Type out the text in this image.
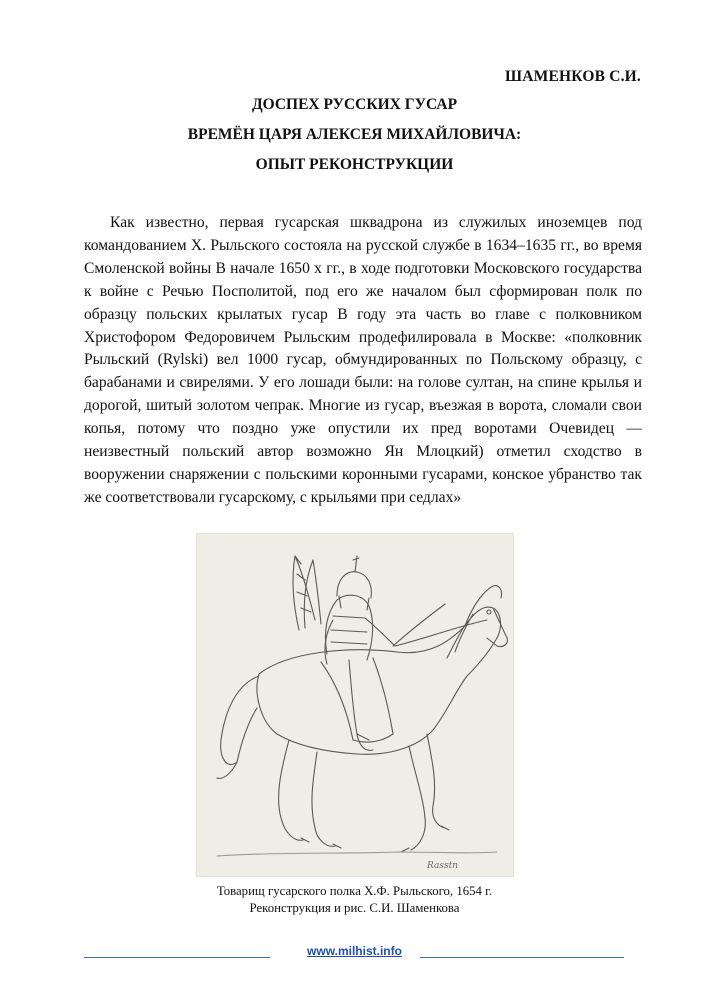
ШАМЕНКОВ С.И.
ДОСПЕХ РУССКИХ ГУСАР
ВРЕМЁН ЦАРЯ АЛЕКСЕЯ МИХАЙЛОВИЧА:
ОПЫТ РЕКОНСТРУКЦИИ

Как известно, первая гусарская шквадрона из служилых иноземцев под командованием Х. Рыльского состояла на русской службе в 1634–1635 гг., во время Смоленской войны В начале 1650 х гг., в ходе подготовки Московского государства к войне с Речью Посполитой, под его же началом был сформирован полк по образцу польских крылатых гусар В году эта часть во главе с полковником Христофором Федоровичем Рыльским продефилировала в Москве: «полковник Рыльский (Rylski) вел 1000 гусар, обмундированных по Польскому образцу, с барабанами и свирелями. У его лошади были: на голове султан, на спине крылья и дорогой, шитый золотом чепрак. Многие из гусар, въезжая в ворота, сломали свои копья, потому что поздно уже опустили их пред воротами Очевидец — неизвестный польский автор возможно Ян Млоцкий) отметил сходство в вооружении снаряжении с польскими коронными гусарами, конское убранство так же соответствовали гусарскому, с крыльями при седлах»

Rasstn
Товарищ гусарского полка Х.Ф. Рыльского, 1654 г.
Реконструкция и рис. С.И. Шаменкова
www.milhist.info
